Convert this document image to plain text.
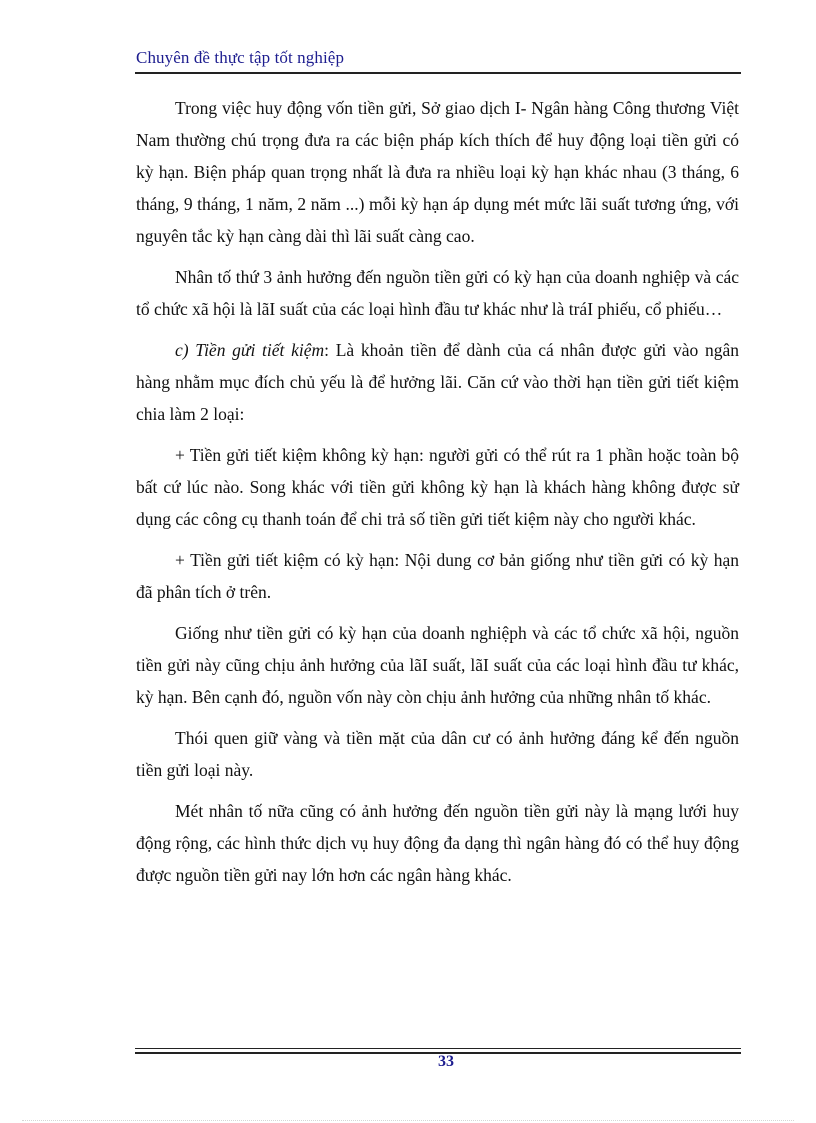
Chuyên đề thực tập tốt nghiệp

Trong việc huy động vốn tiền gửi, Sở giao dịch I- Ngân hàng Công thương Việt Nam thường chú trọng đưa ra các biện pháp kích thích để huy động loại tiền gửi có kỳ hạn. Biện pháp quan trọng nhất là đưa ra nhiều loại kỳ hạn khác nhau (3 tháng, 6 tháng, 9 tháng, 1 năm, 2 năm ...) mỗi kỳ hạn áp dụng mét mức lãi suất tương ứng, với nguyên tắc kỳ hạn càng dài thì lãi suất càng cao.

Nhân tố thứ 3 ảnh hưởng đến nguồn tiền gửi có kỳ hạn của doanh nghiệp và các tổ chức xã hội là lãI suất của các loại hình đầu tư khác như là tráI phiếu, cổ phiếu…

c) Tiền gửi tiết kiệm: Là khoản tiền để dành của cá nhân được gửi vào ngân hàng nhằm mục đích chủ yếu là để hưởng lãi. Căn cứ vào thời hạn tiền gửi tiết kiệm chia làm 2 loại:

+ Tiền gửi tiết kiệm không kỳ hạn: người gửi có thể rút ra 1 phần hoặc toàn bộ bất cứ lúc nào. Song khác với tiền gửi không kỳ hạn là khách hàng không được sử dụng các công cụ thanh toán để chi trả số tiền gửi tiết kiệm này cho người khác.

+ Tiền gửi tiết kiệm có kỳ hạn: Nội dung cơ bản giống như tiền gửi có kỳ hạn đã phân tích ở trên.

Giống như tiền gửi có kỳ hạn của doanh nghiệph và các tổ chức xã hội, nguồn tiền gửi này cũng chịu ảnh hưởng của lãI suất, lãI suất của các loại hình đầu tư khác, kỳ hạn. Bên cạnh đó, nguồn vốn này còn chịu ảnh hưởng của những nhân tố khác.

Thói quen giữ vàng và tiền mặt của dân cư có ảnh hưởng đáng kể đến nguồn tiền gửi loại này.

Mét nhân tố nữa cũng có ảnh hưởng đến nguồn tiền gửi này là mạng lưới huy động rộng, các hình thức dịch vụ huy động đa dạng thì ngân hàng đó có thể huy động được nguồn tiền gửi nay lớn hơn các ngân hàng khác.

33
